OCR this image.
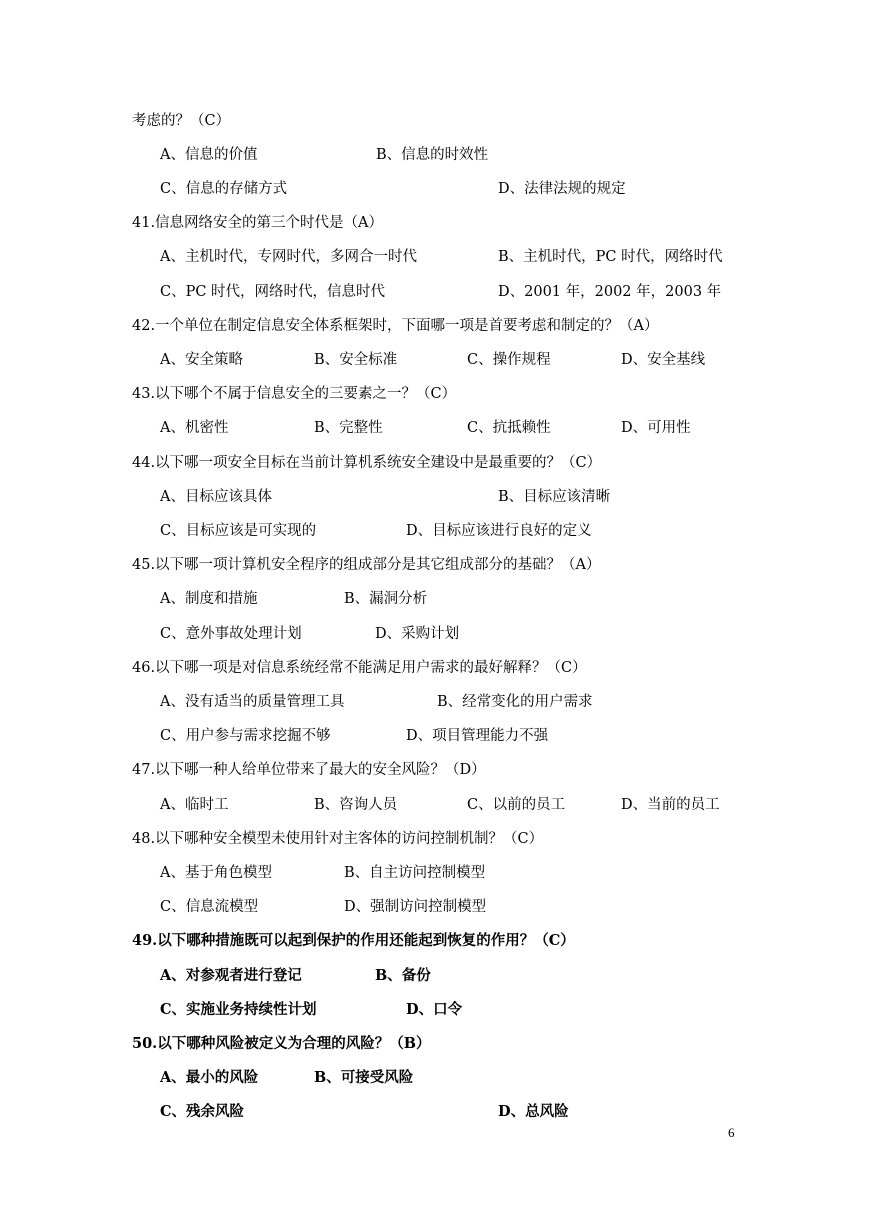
考虑的？（C）
A、信息的价值	B、信息的时效性
C、信息的存储方式	D、法律法规的规定
41.信息网络安全的第三个时代是（A）
A、主机时代，专网时代，多网合一时代	B、主机时代，PC 时代，网络时代
C、PC 时代，网络时代，信息时代	D、2001 年，2002 年，2003 年
42.一个单位在制定信息安全体系框架时，下面哪一项是首要考虑和制定的？（A）
A、安全策略	B、安全标准	C、操作规程	D、安全基线
43.以下哪个不属于信息安全的三要素之一？（C）
A、机密性	B、完整性	C、抗抵赖性	D、可用性
44.以下哪一项安全目标在当前计算机系统安全建设中是最重要的？（C）
A、目标应该具体	B、目标应该清晰
C、目标应该是可实现的	D、目标应该进行良好的定义
45.以下哪一项计算机安全程序的组成部分是其它组成部分的基础？（A）
A、制度和措施	B、漏洞分析
C、意外事故处理计划	D、采购计划
46.以下哪一项是对信息系统经常不能满足用户需求的最好解释？（C）
A、没有适当的质量管理工具	B、经常变化的用户需求
C、用户参与需求挖掘不够	D、项目管理能力不强
47.以下哪一种人给单位带来了最大的安全风险？（D）
A、临时工	B、咨询人员	C、以前的员工	D、当前的员工
48.以下哪种安全模型未使用针对主客体的访问控制机制？（C）
A、基于角色模型	B、自主访问控制模型
C、信息流模型	D、强制访问控制模型
49.以下哪种措施既可以起到保护的作用还能起到恢复的作用？（C）
A、对参观者进行登记	B、备份
C、实施业务持续性计划	D、口令
50.以下哪种风险被定义为合理的风险？（B）
A、最小的风险	B、可接受风险
C、残余风险	D、总风险
6
